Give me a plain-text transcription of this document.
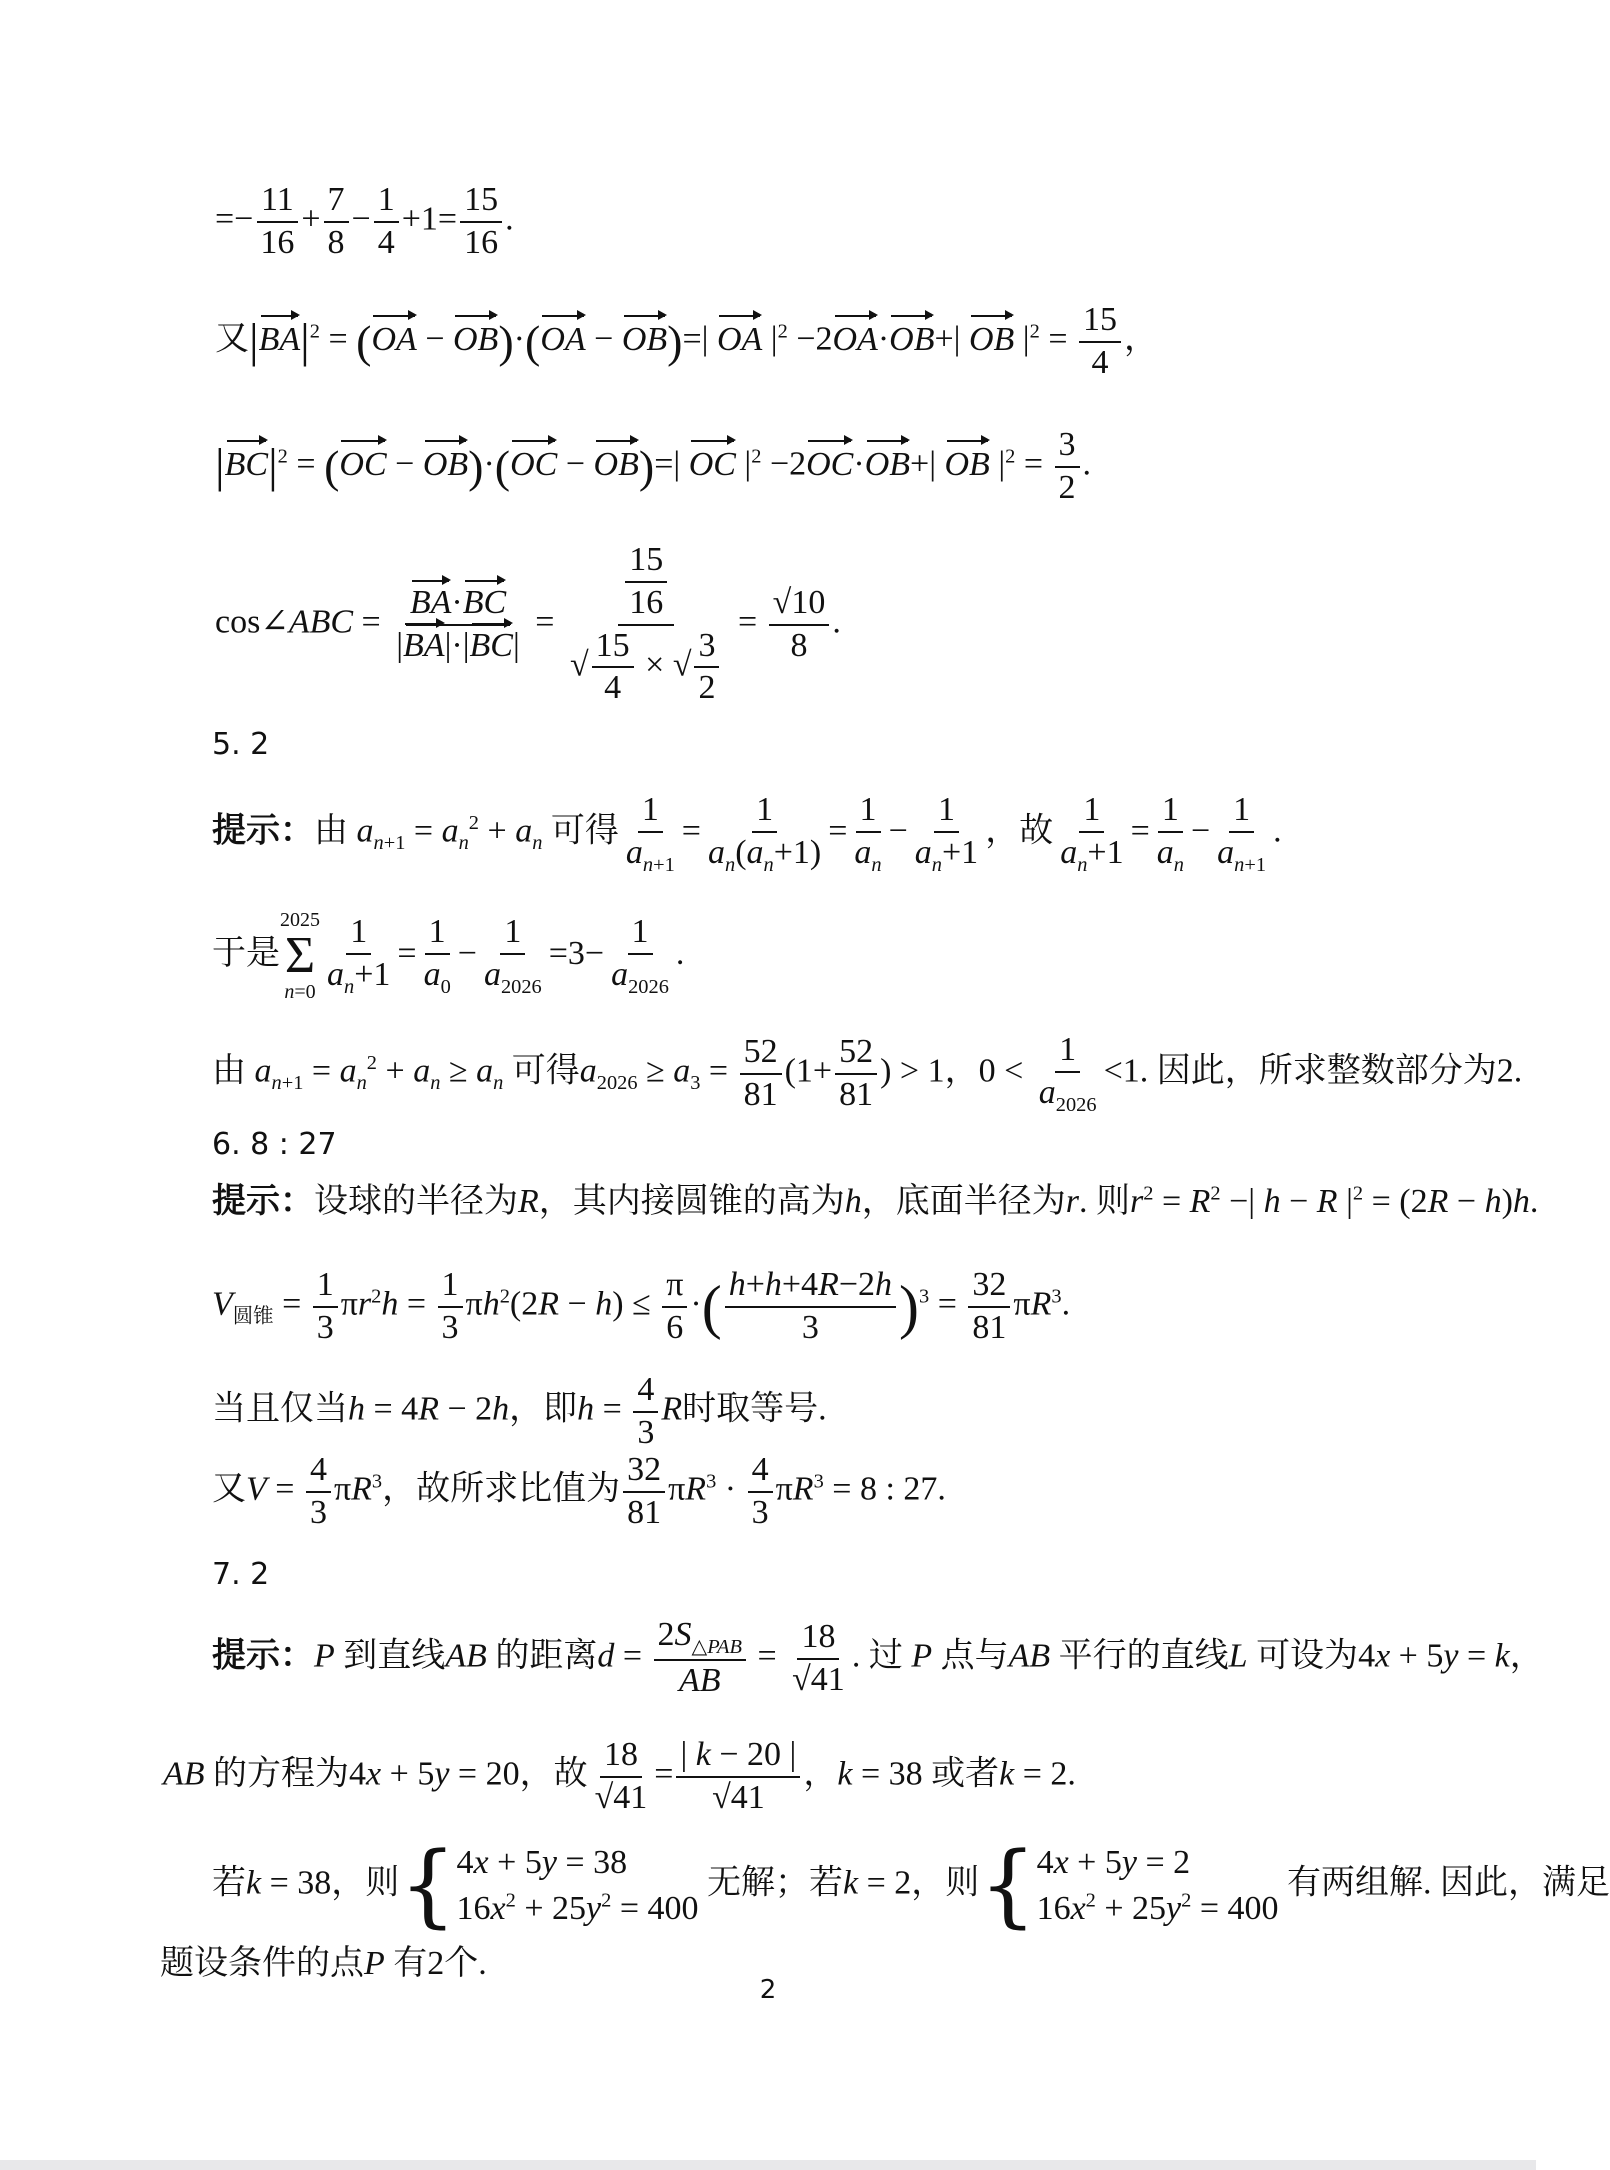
=− $\frac{11}{16} + \frac{7}{8} - \frac{1}{4} +1= \frac{15}{16}$ .
又$|BA|^2 = (OA - OB)\cdot(OA - OB)=|$ OA $|^2 -2OA\cdot OB+|$ OB $|^2 = \frac{15}{4}$ ，
$|BC|^2 = (OC - OB)\cdot(OC - OB)=|$ OC $|^2 -2OC\cdot OB+|$ OB $|^2 = \frac{3}{2}$ .
cos∠ABC = $\frac{BA\cdot BC}{|BA|\cdot|BC|} = \frac{\frac{15}{16}}{√ \frac{15}{4} \times √ \frac{3}{2}} = \frac{√10}{8}$ .
5. 2
提示：由 $a_{n+1} = a_n^2 + a_n$ 可得 $\frac{1}{a_{n+1}} = \frac{1}{a_n(a_n+1)} = \frac{1}{a_n} - \frac{1}{a_n+1}$ ，故 $\frac{1}{a_n+1} = \frac{1}{a_n} - \frac{1}{a_{n+1}}$ .
于是
2025
Σ
$n=0 \frac{1}{a_n+1} = \frac{1}{a_0} - \frac{1}{a_{2026}} =3- \frac{1}{a_{2026}}$ .
由 $a_{n+1} = a_n^2 + a_n \ge a_n$ 可得$a_{2026} \ge a_3 = \frac{52}{81} (1+ \frac{52}{81}$ ) > 1，$0 < \frac{1}{a_{2026}} <1$. 因此，所求整数部分为2.
6. 8 : 27
提示：设球的半径为R，其内接圆锥的高为h，底面半径为r. 则$r^2 = R^2$ −| h − R $|^2 = (2R - h)h$.
$V_{圆锥} = \frac{1}{3} \pi r^2h = \frac{1}{3} \pi h^2(2R - h) \le \frac{\pi}{6}$ ·( $\frac{h+h+4R-2h}{3} )^3 = \frac{32}{81} \pi R^3$.
当且仅当h = 4R − 2h，即$h = \frac{4}{3}$ R时取等号.
又$V = \frac{4}{3} \pi R^3$，故所求比值为 $\frac{32}{81} \pi R^3 \cdot \frac{4}{3} \pi R^3 = 8$ : 27.
7. 2
提示：P 到直线AB 的距离$d = \frac{2S_{\triangle PAB}}{AB} = \frac{18}{√41}$ . 过 P 点与AB 平行的直线L 可设为4x + 5y = k，
AB 的方程为4x + 5y = 20，故 $\frac{18}{√41} = \frac{| k - 20 |}{√41}$ ，k = 38 或者k = 2.
若k = 38，则{ 4x + 5y = 38
$16x^2 + 25y^2 = 400$
无解；若k = 2，则{ 4x + 5y = 2
$16x^2 + 25y^2 = 400$
有两组解. 因此，满足
题设条件的点P 有2个.
2
